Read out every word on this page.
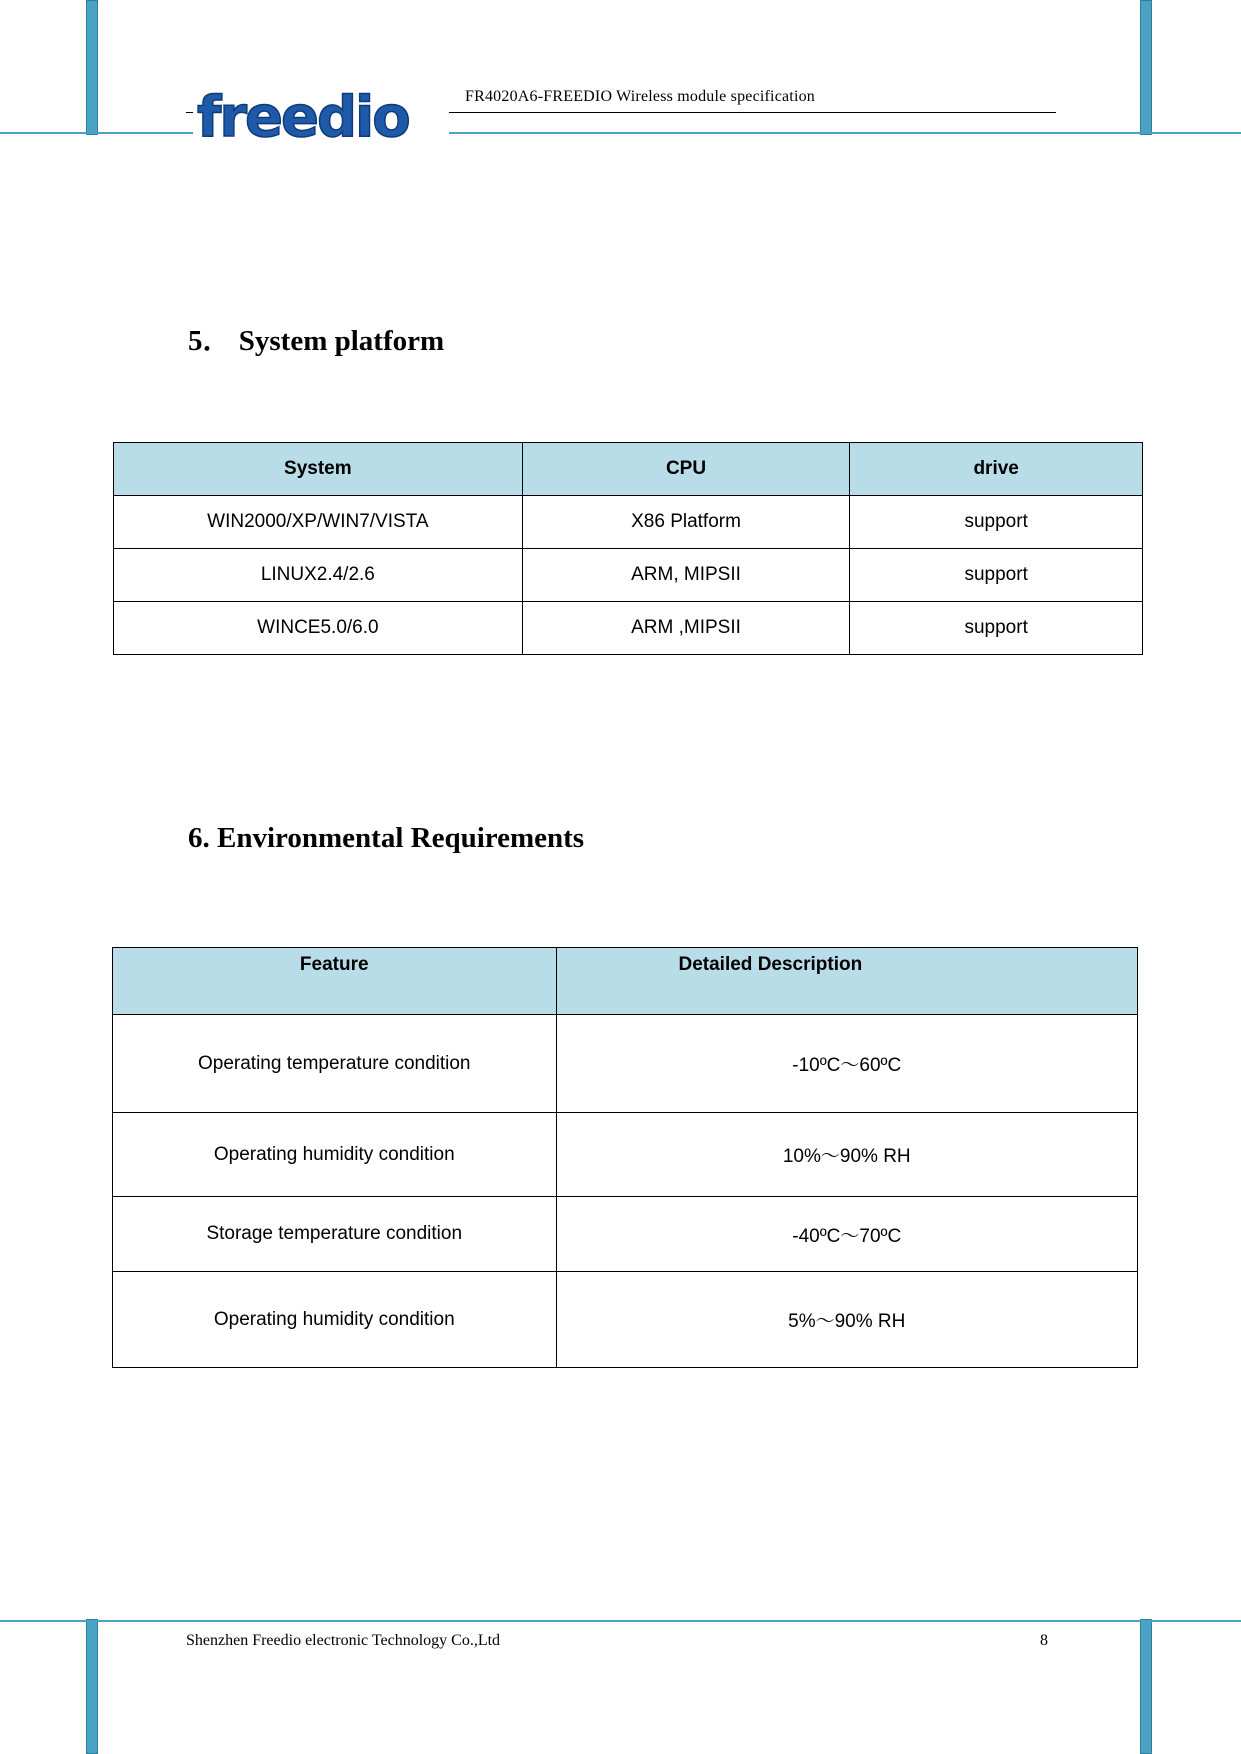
freedio	FR4020A6-FREEDIO Wireless module specification
5． System platform
System	CPU	drive
WIN2000/XP/WIN7/VISTA	X86 Platform	support
LINUX2.4/2.6	ARM, MIPSII	support
WINCE5.0/6.0	ARM ,MIPSII	support
6. Environmental Requirements
Feature	Detailed Description
Operating temperature condition	-10ºC～60ºC
Operating humidity condition	10%～90% RH
Storage temperature condition	-40ºC～70ºC
Operating humidity condition	5%～90% RH
Shenzhen Freedio electronic Technology Co.,Ltd	8
